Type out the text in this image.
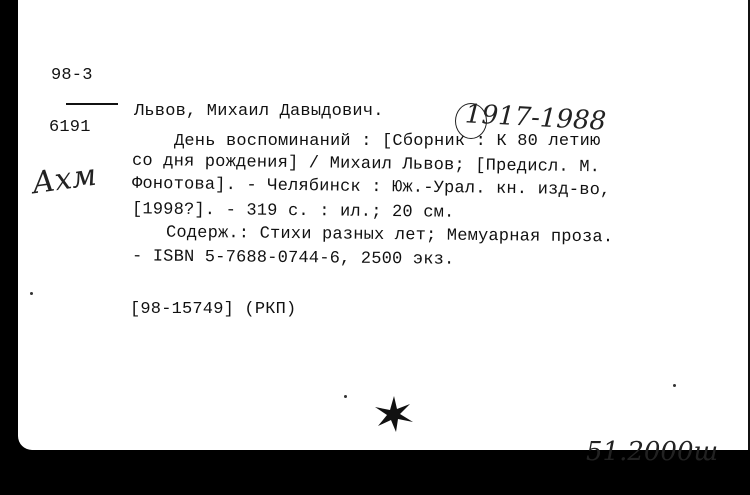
98-3
6191
Ахм
Львов, Михаил Давыдович.	1917-1988
День воспоминаний : [Сборник : К 80 летию
со дня рождения] / Михаил Львов; [Предисл. М.
Фонотова]. - Челябинск : Юж.-Урал. кн. изд-во,
[1998?]. - 319 с. : ил.; 20 см.
Содерж.: Стихи разных лет; Мемуарная проза.
- ISBN 5-7688-0744-6, 2500 экз.
[98-15749] (РКП)
51.2000ш
